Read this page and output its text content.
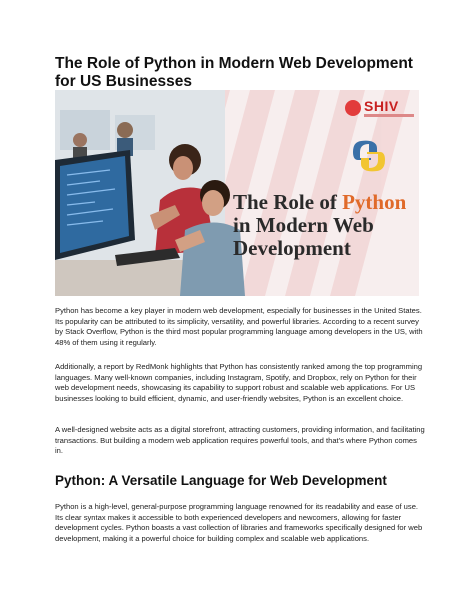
The Role of Python in Modern Web Development for US Businesses
SHIV
The Role of Python in Modern Web Development
Python has become a key player in modern web development, especially for businesses in the United States. Its popularity can be attributed to its simplicity, versatility, and powerful libraries. According to a recent survey by Stack Overflow, Python is the third most popular programming language among developers in the US, with 48% of them using it regularly.
Additionally, a report by RedMonk highlights that Python has consistently ranked among the top programming languages. Many well-known companies, including Instagram, Spotify, and Dropbox, rely on Python for their web development needs, showcasing its capability to support robust and scalable web applications. For US businesses looking to build efficient, dynamic, and user-friendly websites, Python is an excellent choice.
A well-designed website acts as a digital storefront, attracting customers, providing information, and facilitating transactions. But building a modern web application requires powerful tools, and that's where Python comes in.
Python: A Versatile Language for Web Development
Python is a high-level, general-purpose programming language renowned for its readability and ease of use. Its clear syntax makes it accessible to both experienced developers and newcomers, allowing for faster development cycles. Python boasts a vast collection of libraries and frameworks specifically designed for web development, making it a powerful choice for building complex and scalable web applications.
